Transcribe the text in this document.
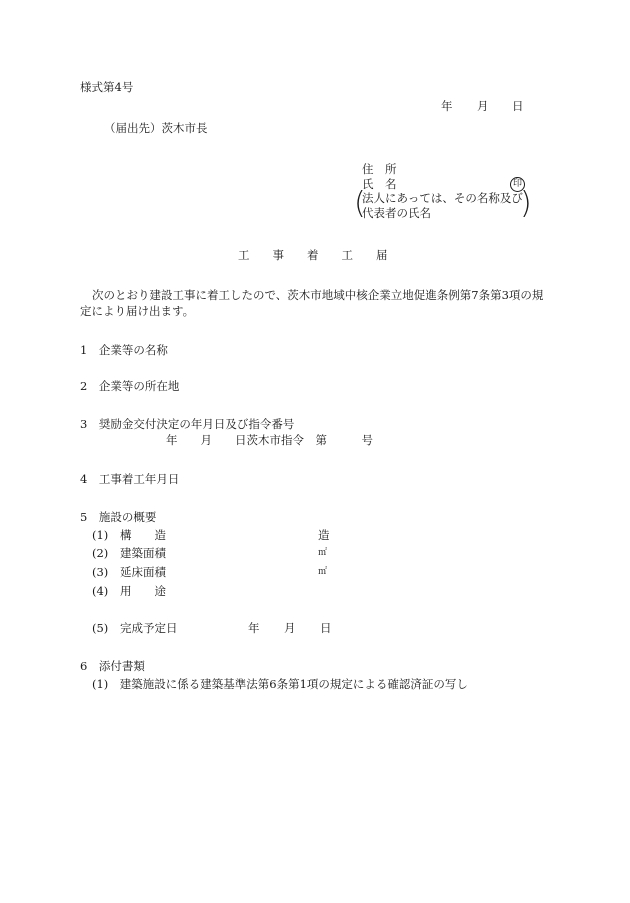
様式第4号
年 月 日
（届出先）茨木市長
住　所
氏　名	印
(
法人にあっては、その名称及び
代表者の氏名	)
工　　事　　着　　工　　届
次のとおり建設工事に着工したので、茨木市地域中核企業立地促進条例第7条第3項の規
定により届け出ます。
1　企業等の名称
2　企業等の所在地
3　奨励金交付決定の年月日及び指令番号
年　　月　　日茨木市指令　第　　　号
4　工事着工年月日
5　施設の概要
(1) 構　　造	造
(2) 建築面積	㎡
(3) 延床面積	㎡
(4) 用　　途
(5) 完成予定日	年 月 日
6　添付書類
(1)　建築施設に係る建築基準法第6条第1項の規定による確認済証の写し
